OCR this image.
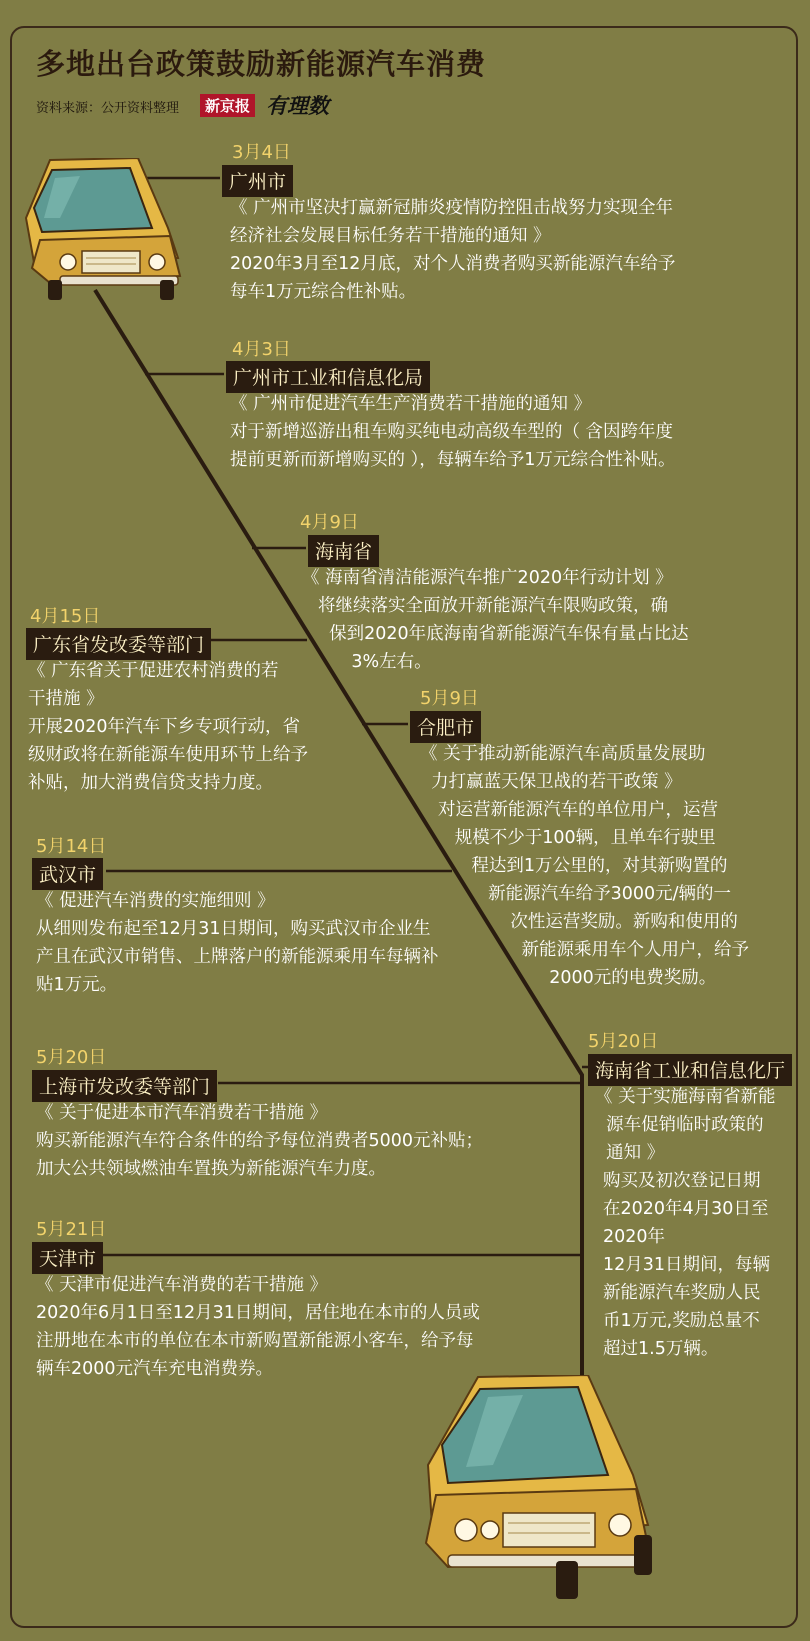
多地出台政策鼓励新能源汽车消费
资料来源：公开资料整理	新京报 有理数
3月4日
广州市
《 广州市坚决打赢新冠肺炎疫情防控阻击战努力实现全年
经济社会发展目标任务若干措施的通知 》
2020年3月至12月底，对个人消费者购买新能源汽车给予
每车1万元综合性补贴。
4月3日
广州市工业和信息化局
《 广州市促进汽车生产消费若干措施的通知 》
对于新增巡游出租车购买纯电动高级车型的（ 含因跨年度
提前更新而新增购买的 ），每辆车给予1万元综合性补贴。
4月9日
海南省
《 海南省清洁能源汽车推广2020年行动计划 》
将继续落实全面放开新能源汽车限购政策，确
保到2020年底海南省新能源汽车保有量占比达
3%左右。
4月15日
广东省发改委等部门
《 广东省关于促进农村消费的若
干措施 》
开展2020年汽车下乡专项行动，省
级财政将在新能源车使用环节上给予
补贴，加大消费信贷支持力度。
5月9日
合肥市
《 关于推动新能源汽车高质量发展助
力打赢蓝天保卫战的若干政策 》
对运营新能源汽车的单位用户，运营
规模不少于100辆，且单车行驶里
程达到1万公里的，对其新购置的
新能源汽车给予3000元/辆的一
次性运营奖励。新购和使用的
新能源乘用车个人用户，给予
2000元的电费奖励。
5月14日
武汉市
《 促进汽车消费的实施细则 》
从细则发布起至12月31日期间，购买武汉市企业生
产且在武汉市销售、上牌落户的新能源乘用车每辆补
贴1万元。
5月20日
上海市发改委等部门
《 关于促进本市汽车消费若干措施 》
购买新能源汽车符合条件的给予每位消费者5000元补贴；
加大公共领域燃油车置换为新能源汽车力度。
5月20日
海南省工业和信息化厅
《 关于实施海南省新能
源车促销临时政策的
通知 》
购买及初次登记日期
在2020年4月30日至
2020年
12月31日期间，每辆
新能源汽车奖励人民
币1万元,奖励总量不
超过1.5万辆。
5月21日
天津市
《 天津市促进汽车消费的若干措施 》
2020年6月1日至12月31日期间，居住地在本市的人员或
注册地在本市的单位在本市新购置新能源小客车，给予每
辆车2000元汽车充电消费券。
